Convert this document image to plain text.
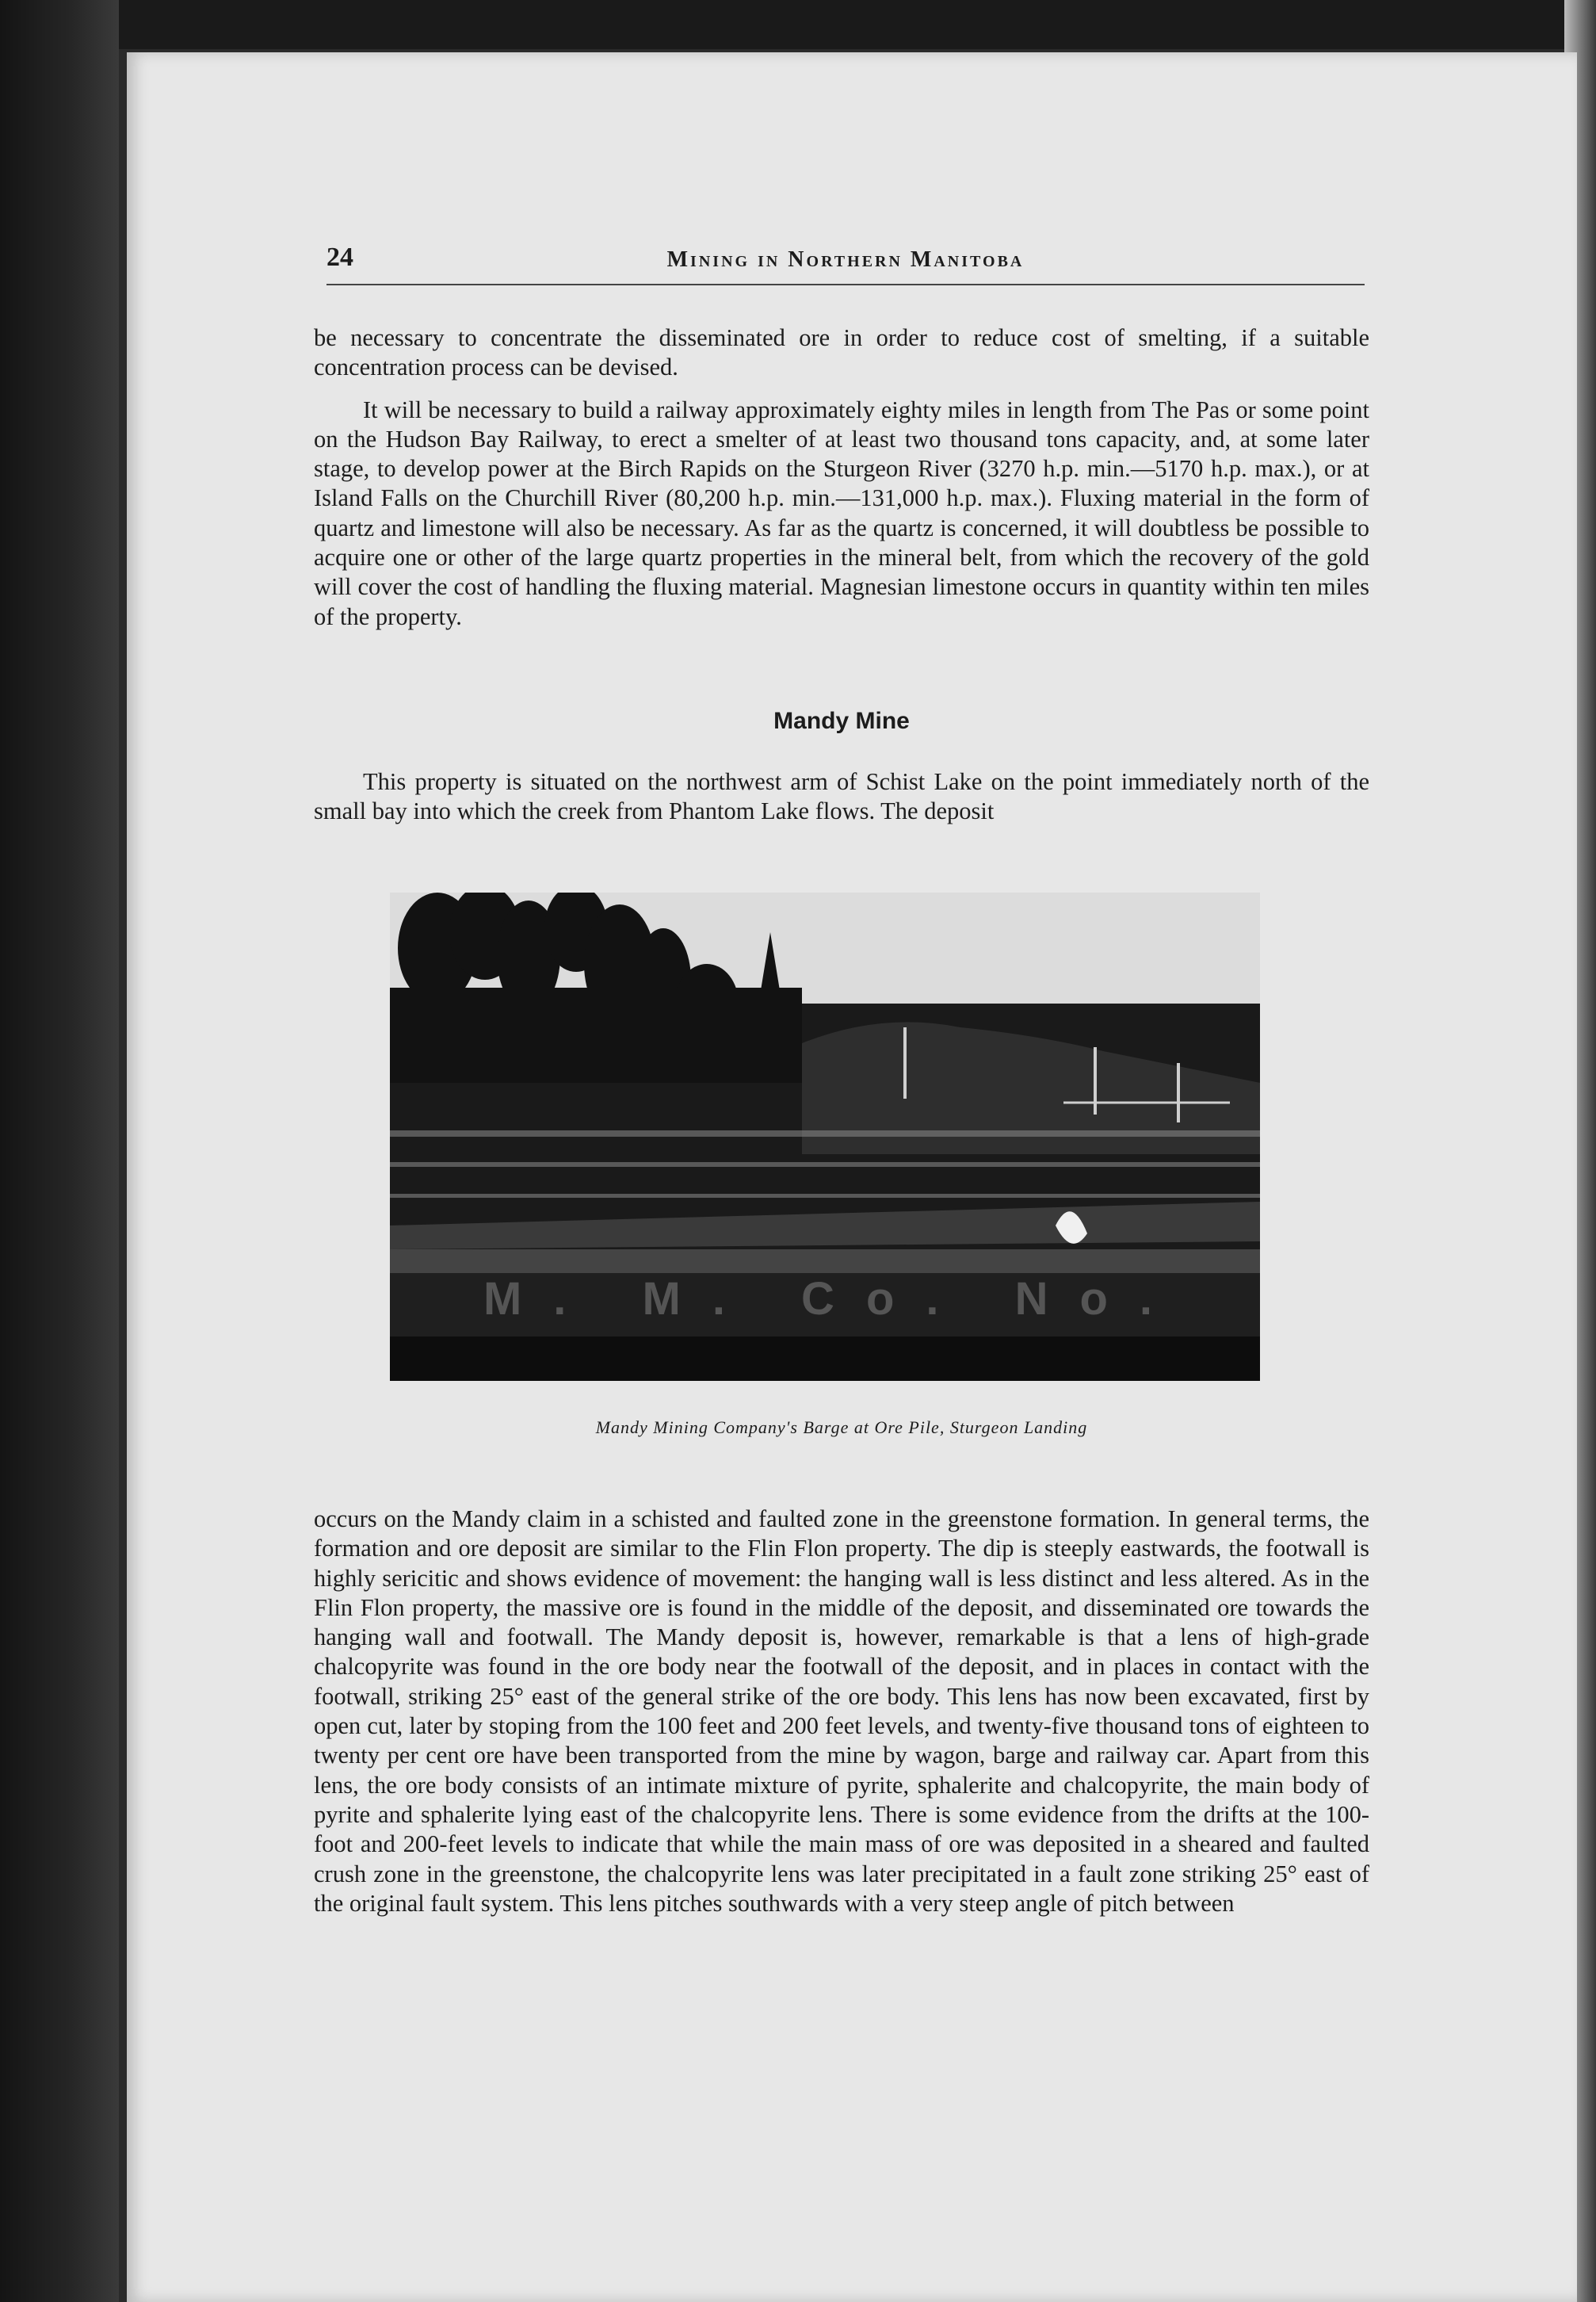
24	Mining in Northern Manitoba

be necessary to concentrate the disseminated ore in order to reduce cost of smelting, if a suitable concentration process can be devised.

It will be necessary to build a railway approximately eighty miles in length from The Pas or some point on the Hudson Bay Railway, to erect a smelter of at least two thousand tons capacity, and, at some later stage, to develop power at the Birch Rapids on the Sturgeon River (3270 h.p. min.—5170 h.p. max.), or at Island Falls on the Churchill River (80,200 h.p. min.—131,000 h.p. max.). Fluxing material in the form of quartz and limestone will also be necessary. As far as the quartz is concerned, it will doubtless be possible to acquire one or other of the large quartz properties in the mineral belt, from which the recovery of the gold will cover the cost of handling the fluxing material. Magnesian limestone occurs in quantity within ten miles of the property.

Mandy Mine

This property is situated on the northwest arm of Schist Lake on the point immediately north of the small bay into which the creek from Phantom Lake flows. The deposit

M. M. Co. No.
Mandy Mining Company's Barge at Ore Pile, Sturgeon Landing

occurs on the Mandy claim in a schisted and faulted zone in the greenstone formation. In general terms, the formation and ore deposit are similar to the Flin Flon property. The dip is steeply eastwards, the footwall is highly sericitic and shows evidence of movement: the hanging wall is less distinct and less altered. As in the Flin Flon property, the massive ore is found in the middle of the deposit, and disseminated ore towards the hanging wall and footwall. The Mandy deposit is, however, remarkable is that a lens of high-grade chalcopyrite was found in the ore body near the footwall of the deposit, and in places in contact with the footwall, striking 25° east of the general strike of the ore body. This lens has now been excavated, first by open cut, later by stoping from the 100 feet and 200 feet levels, and twenty-five thousand tons of eighteen to twenty per cent ore have been transported from the mine by wagon, barge and railway car. Apart from this lens, the ore body consists of an intimate mixture of pyrite, sphalerite and chalcopyrite, the main body of pyrite and sphalerite lying east of the chalcopyrite lens. There is some evidence from the drifts at the 100-foot and 200-feet levels to indicate that while the main mass of ore was deposited in a sheared and faulted crush zone in the greenstone, the chalcopyrite lens was later precipitated in a fault zone striking 25° east of the original fault system. This lens pitches southwards with a very steep angle of pitch between
